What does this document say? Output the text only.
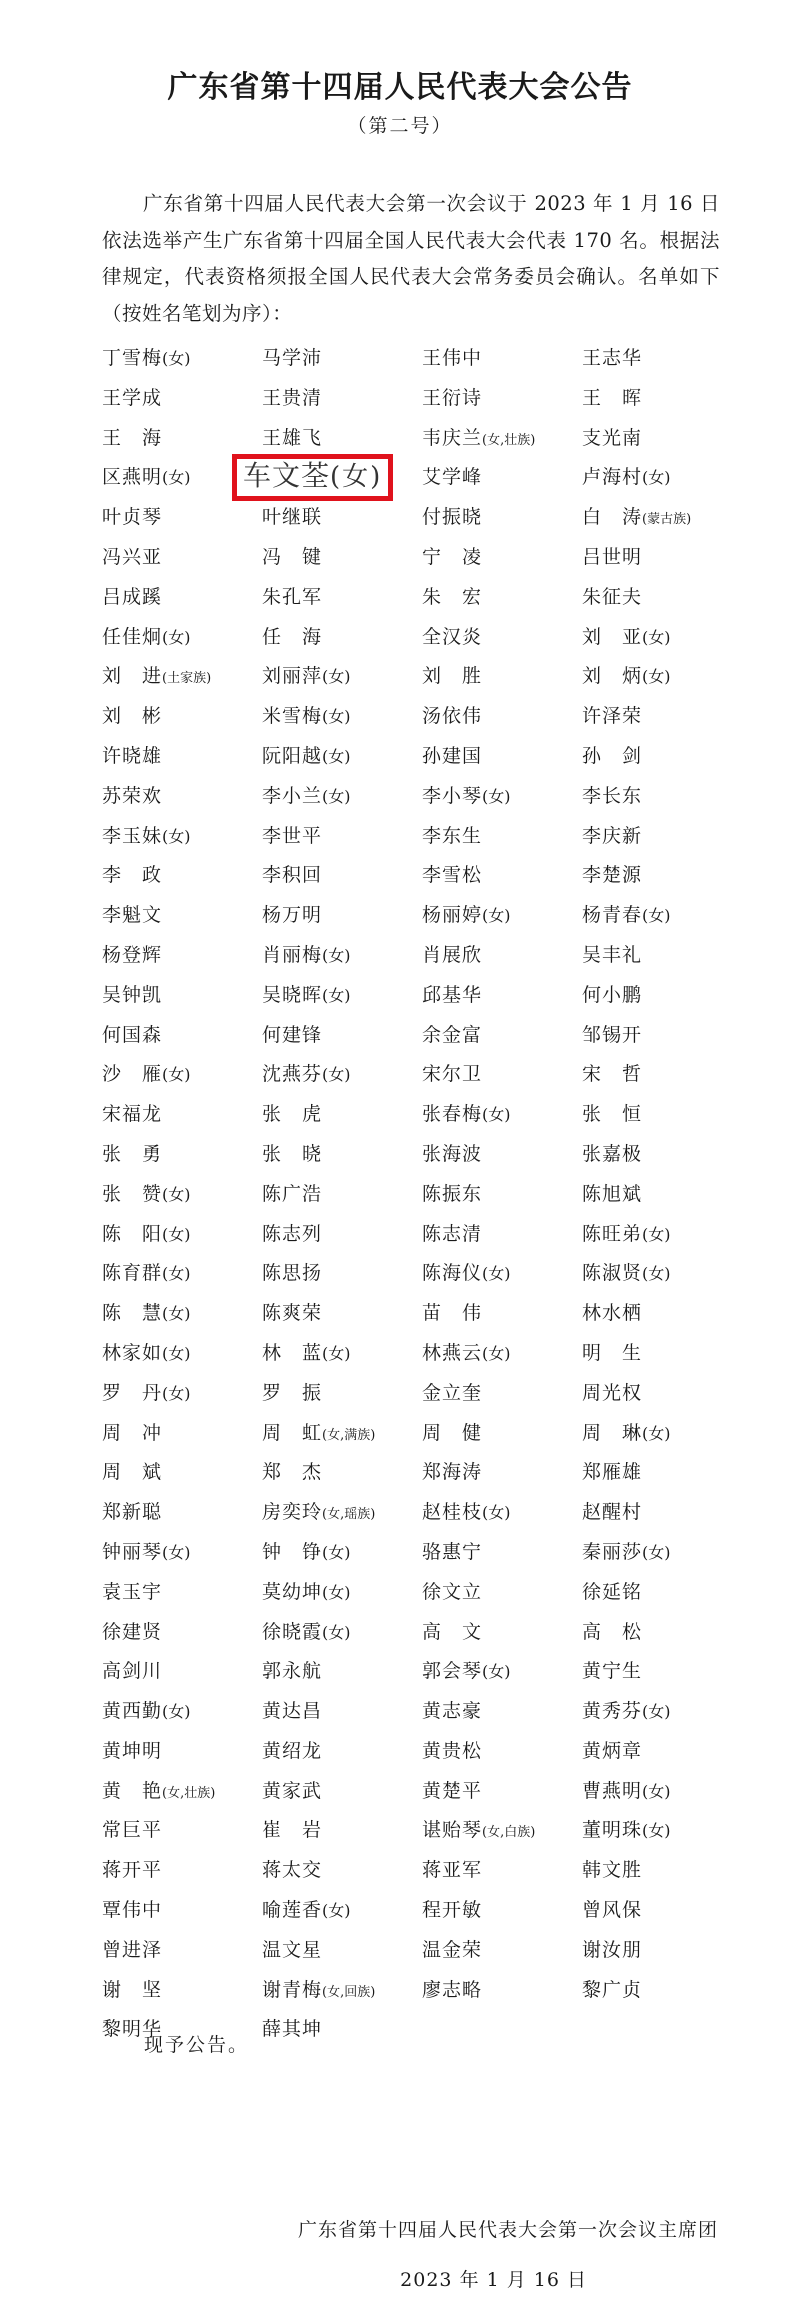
广东省第十四届人民代表大会公告
（第二号）
广东省第十四届人民代表大会第一次会议于 2023 年 1 月 16 日依法选举产生广东省第十四届全国人民代表大会代表 170 名。根据法律规定，代表资格须报全国人民代表大会常务委员会确认。名单如下（按姓名笔划为序）：
丁雪梅(女)	马学沛	王伟中	王志华
王学成	王贵清	王衍诗	王　晖
王　海	王雄飞	韦庆兰(女,壮族) 支光南
区燕明(女)	车文荃(女)	艾学峰	卢海村(女)
叶贞琴	叶继联	付振晓	白　涛(蒙古族)
冯兴亚	冯　键	宁　凌	吕世明
吕成蹊	朱孔军	朱　宏	朱征夫
任佳炯(女)	任　海	全汉炎	刘　亚(女)
刘　进(土家族)	刘丽萍(女)	刘　胜	刘　炳(女)
刘　彬	米雪梅(女)	汤依伟	许泽荣
许晓雄	阮阳越(女)	孙建国	孙　剑
苏荣欢	李小兰(女)	李小琴(女)	李长东
李玉妹(女)	李世平	李东生	李庆新
李　政	李积回	李雪松	李楚源
李魁文	杨万明	杨丽婷(女)	杨青春(女)
杨登辉	肖丽梅(女)	肖展欣	吴丰礼
吴钟凯	吴晓晖(女)	邱基华	何小鹏
何国森	何建锋	余金富	邹锡开
沙　雁(女)	沈燕芬(女)	宋尔卫	宋　哲
宋福龙	张　虎	张春梅(女)	张　恒
张　勇	张　晓	张海波	张嘉极
张　赞(女)	陈广浩	陈振东	陈旭斌
陈　阳(女)	陈志列	陈志清	陈旺弟(女)
陈育群(女)	陈思扬	陈海仪(女)	陈淑贤(女)
陈　慧(女)	陈爽荣	苗　伟	林水栖
林家如(女)	林　蓝(女)	林燕云(女)	明　生
罗　丹(女)	罗　振	金立奎	周光权
周　冲	周　虹(女,满族) 周　健	周　琳(女)
周　斌	郑　杰	郑海涛	郑雁雄
郑新聪	房奕玲(女,瑶族) 赵桂枝(女)	赵醒村
钟丽琴(女)	钟　铮(女)	骆惠宁	秦丽莎(女)
袁玉宇	莫幼坤(女)	徐文立	徐延铭
徐建贤	徐晓霞(女)	高　文	高　松
高剑川	郭永航	郭会琴(女)	黄宁生
黄西勤(女)	黄达昌	黄志豪	黄秀芬(女)
黄坤明	黄绍龙	黄贵松	黄炳章
黄　艳(女,壮族) 黄家武	黄楚平	曹燕明(女)
常巨平	崔　岩	谌贻琴(女,白族) 董明珠(女)
蒋开平	蒋太交	蒋亚军	韩文胜
覃伟中	喻莲香(女)	程开敏	曾风保
曾进泽	温文星	温金荣	谢汝朋
谢　坚	谢青梅(女,回族) 廖志略	黎广贞
黎明华	薛其坤
现予公告。
广东省第十四届人民代表大会第一次会议主席团
2023 年 1 月 16 日
